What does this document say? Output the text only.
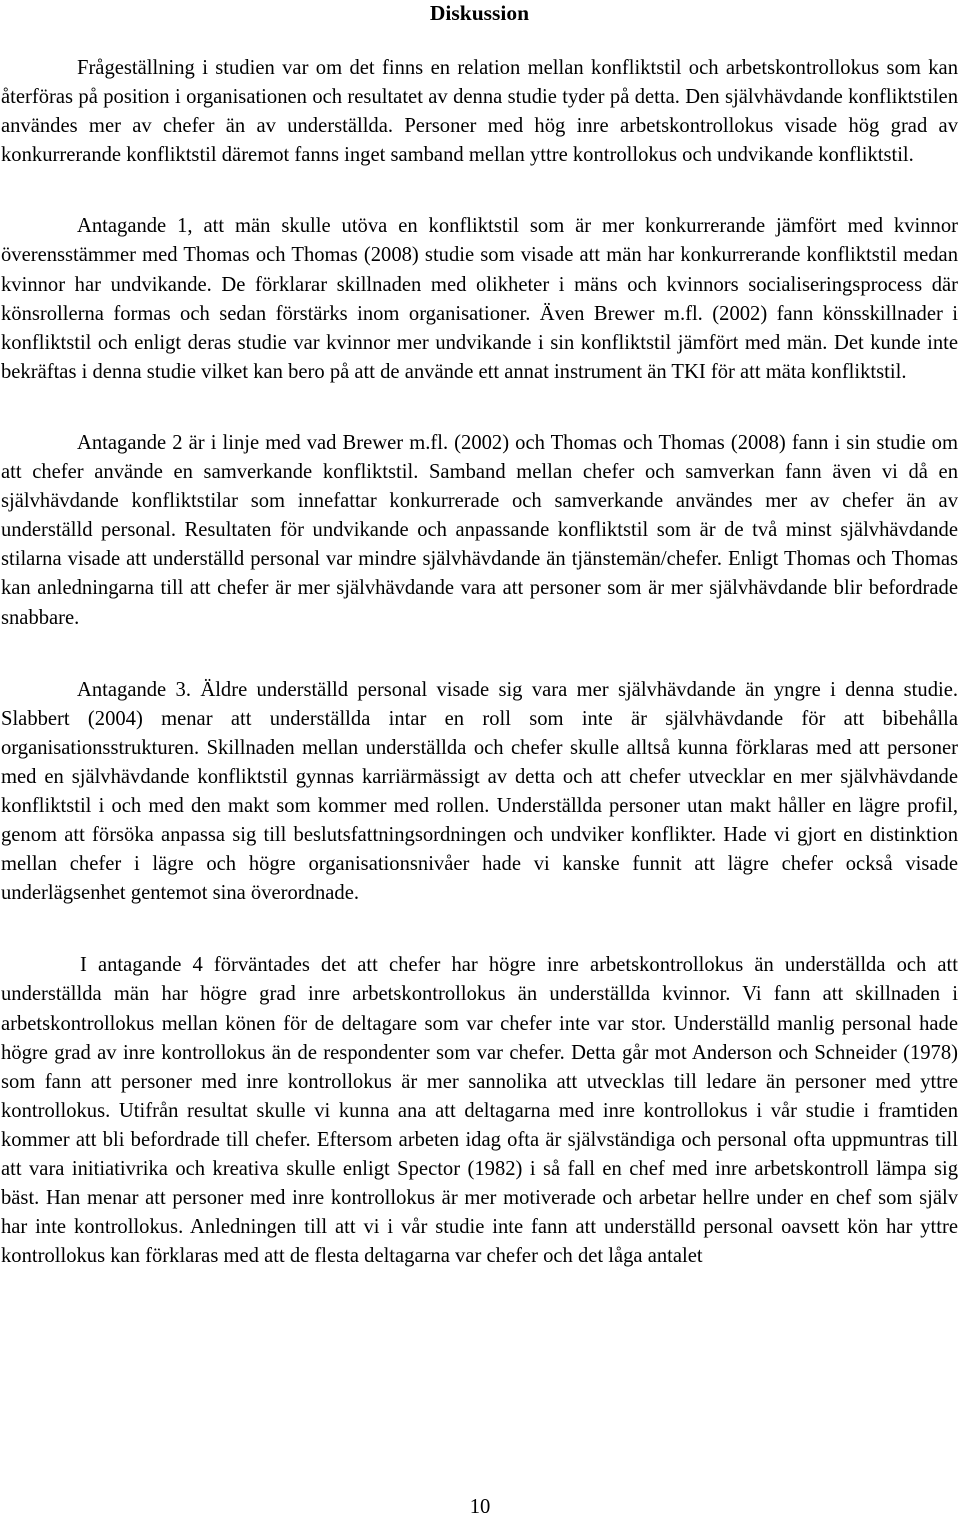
Diskussion

Frågeställning i studien var om det finns en relation mellan konfliktstil och arbetskontrollokus som kan återföras på position i organisationen och resultatet av denna studie tyder på detta. Den självhävdande konfliktstilen användes mer av chefer än av underställda. Personer med hög inre arbetskontrollokus visade hög grad av konkurrerande konfliktstil däremot fanns inget samband mellan yttre kontrollokus och undvikande konfliktstil.

Antagande 1, att män skulle utöva en konfliktstil som är mer konkurrerande jämfört med kvinnor överensstämmer med Thomas och Thomas (2008) studie som visade att män har konkurrerande konfliktstil medan kvinnor har undvikande. De förklarar skillnaden med olikheter i mäns och kvinnors socialiseringsprocess där könsrollerna formas och sedan förstärks inom organisationer. Även Brewer m.fl. (2002) fann könsskillnader i konfliktstil och enligt deras studie var kvinnor mer undvikande i sin konfliktstil jämfört med män. Det kunde inte bekräftas i denna studie vilket kan bero på att de använde ett annat instrument än TKI för att mäta konfliktstil.

Antagande 2 är i linje med vad Brewer m.fl. (2002) och Thomas och Thomas (2008) fann i sin studie om att chefer använde en samverkande konfliktstil. Samband mellan chefer och samverkan fann även vi då en självhävdande konfliktstilar som innefattar konkurrerade och samverkande användes mer av chefer än av underställd personal. Resultaten för undvikande och anpassande konfliktstil som är de två minst självhävdande stilarna visade att underställd personal var mindre självhävdande än tjänstemän/chefer. Enligt Thomas och Thomas kan anledningarna till att chefer är mer självhävdande vara att personer som är mer självhävdande blir befordrade snabbare.

Antagande 3. Äldre underställd personal visade sig vara mer självhävdande än yngre i denna studie. Slabbert (2004) menar att underställda intar en roll som inte är självhävdande för att bibehålla organisationsstrukturen. Skillnaden mellan underställda och chefer skulle alltså kunna förklaras med att personer med en självhävdande konfliktstil gynnas karriärmässigt av detta och att chefer utvecklar en mer självhävdande konfliktstil i och med den makt som kommer med rollen. Underställda personer utan makt håller en lägre profil, genom att försöka anpassa sig till beslutsfattningsordningen och undviker konflikter. Hade vi gjort en distinktion mellan chefer i lägre och högre organisationsnivåer hade vi kanske funnit att lägre chefer också visade underlägsenhet gentemot sina överordnade.

I antagande 4 förväntades det att chefer har högre inre arbetskontrollokus än underställda och att underställda män har högre grad inre arbetskontrollokus än underställda kvinnor. Vi fann att skillnaden i arbetskontrollokus mellan könen för de deltagare som var chefer inte var stor. Underställd manlig personal hade högre grad av inre kontrollokus än de respondenter som var chefer. Detta går mot Anderson och Schneider (1978) som fann att personer med inre kontrollokus är mer sannolika att utvecklas till ledare än personer med yttre kontrollokus. Utifrån resultat skulle vi kunna ana att deltagarna med inre kontrollokus i vår studie i framtiden kommer att bli befordrade till chefer. Eftersom arbeten idag ofta är självständiga och personal ofta uppmuntras till att vara initiativrika och kreativa skulle enligt Spector (1982) i så fall en chef med inre arbetskontroll lämpa sig bäst. Han menar att personer med inre kontrollokus är mer motiverade och arbetar hellre under en chef som själv har inte kontrollokus. Anledningen till att vi i vår studie inte fann att underställd personal oavsett kön har yttre kontrollokus kan förklaras med att de flesta deltagarna var chefer och det låga antalet

10
